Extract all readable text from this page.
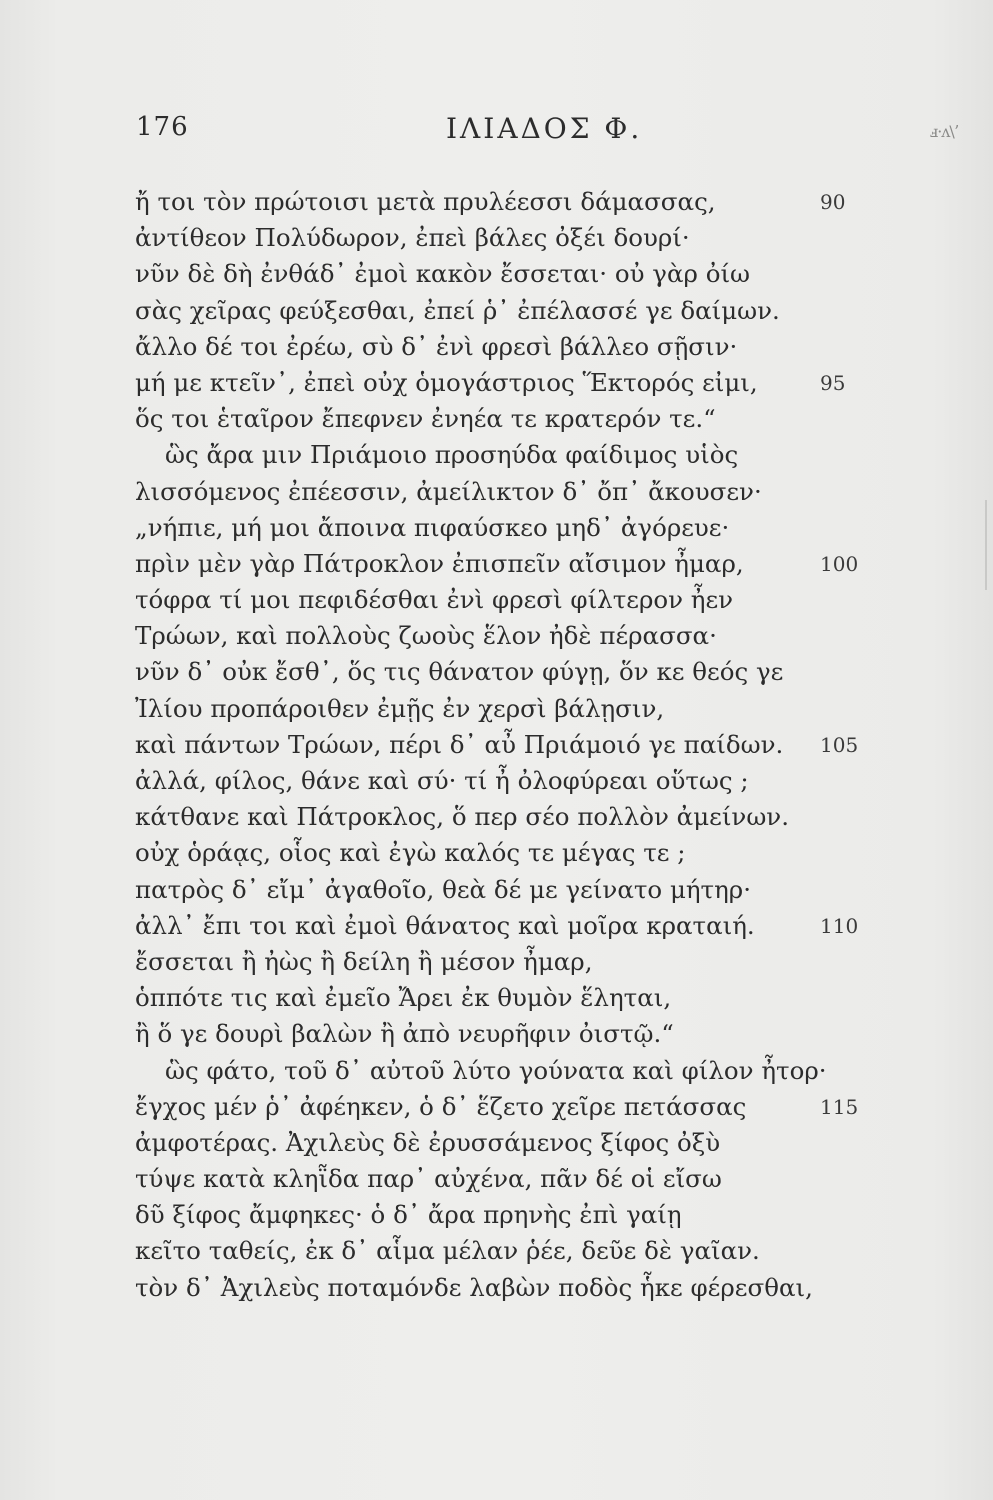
176	ΙΛΙΑΔΟΣ Φ.	ⅎ·ᴧ\ʼ
ἤ τοι τὸν πρώτοισι μετὰ πρυλέεσσι δάμασσας,
ἀντίθεον Πολύδωρον, ἐπεὶ βάλες ὀξέι δουρί·
νῦν δὲ δὴ ἐνθάδ᾽ ἐμοὶ κακὸν ἔσσεται· οὐ γὰρ ὀίω
σὰς χεῖρας φεύξεσθαι, ἐπεί ῥ᾽ ἐπέλασσέ γε δαίμων.
ἄλλο δέ τοι ἐρέω, σὺ δ᾽ ἐνὶ φρεσὶ βάλλεο σῇσιν·
μή με κτεῖν᾽, ἐπεὶ οὐχ ὁμογάστριος Ἕκτορός εἰμι,
ὅς τοι ἑταῖρον ἔπεφνεν ἐνηέα τε κρατερόν τε.“
ὣς ἄρα μιν Πριάμοιο προσηύδα φαίδιμος υἱὸς
λισσόμενος ἐπέεσσιν, ἀμείλικτον δ᾽ ὄπ᾽ ἄκουσεν·
„νήπιε, μή μοι ἄποινα πιφαύσκεο μηδ᾽ ἀγόρευε·
πρὶν μὲν γὰρ Πάτροκλον ἐπισπεῖν αἴσιμον ἦμαρ,
τόφρα τί μοι πεφιδέσθαι ἐνὶ φρεσὶ φίλτερον ἦεν
Τρώων, καὶ πολλοὺς ζωοὺς ἕλον ἠδὲ πέρασσα·
νῦν δ᾽ οὐκ ἔσθ᾽, ὅς τις θάνατον φύγῃ, ὅν κε θεός γε
Ἰλίου προπάροιθεν ἐμῇς ἐν χερσὶ βάλῃσιν,
καὶ πάντων Τρώων, πέρι δ᾽ αὖ Πριάμοιό γε παίδων.
ἀλλά, φίλος, θάνε καὶ σύ· τί ἦ ὀλοφύρεαι οὕτως ;
κάτθανε καὶ Πάτροκλος, ὅ περ σέο πολλὸν ἀμείνων.
οὐχ ὁράᾳς, οἷος καὶ ἐγὼ καλός τε μέγας τε ;
πατρὸς δ᾽ εἴμ᾽ ἀγαθοῖο, θεὰ δέ με γείνατο μήτηρ·
ἀλλ᾽ ἔπι τοι καὶ ἐμοὶ θάνατος καὶ μοῖρα κραταιή.
ἔσσεται ἢ ἠὼς ἢ δείλη ἢ μέσον ἦμαρ,
ὁππότε τις καὶ ἐμεῖο Ἄρει ἐκ θυμὸν ἕληται,
ἢ ὅ γε δουρὶ βαλὼν ἢ ἀπὸ νευρῆφιν ὀιστῷ.“
ὣς φάτο, τοῦ δ᾽ αὐτοῦ λύτο γούνατα καὶ φίλον ἦτορ·
ἔγχος μέν ῥ᾽ ἀφέηκεν, ὁ δ᾽ ἕζετο χεῖρε πετάσσας
ἀμφοτέρας. Ἀχιλεὺς δὲ ἐρυσσάμενος ξίφος ὀξὺ
τύψε κατὰ κληῗδα παρ᾽ αὐχένα, πᾶν δέ οἱ εἴσω
δῦ ξίφος ἄμφηκες· ὁ δ᾽ ἄρα πρηνὴς ἐπὶ γαίῃ
κεῖτο ταθείς, ἐκ δ᾽ αἷμα μέλαν ῥέε, δεῦε δὲ γαῖαν.
τὸν δ᾽ Ἀχιλεὺς ποταμόνδε λαβὼν ποδὸς ἧκε φέρεσθαι,
90
95
100
105
110
115
